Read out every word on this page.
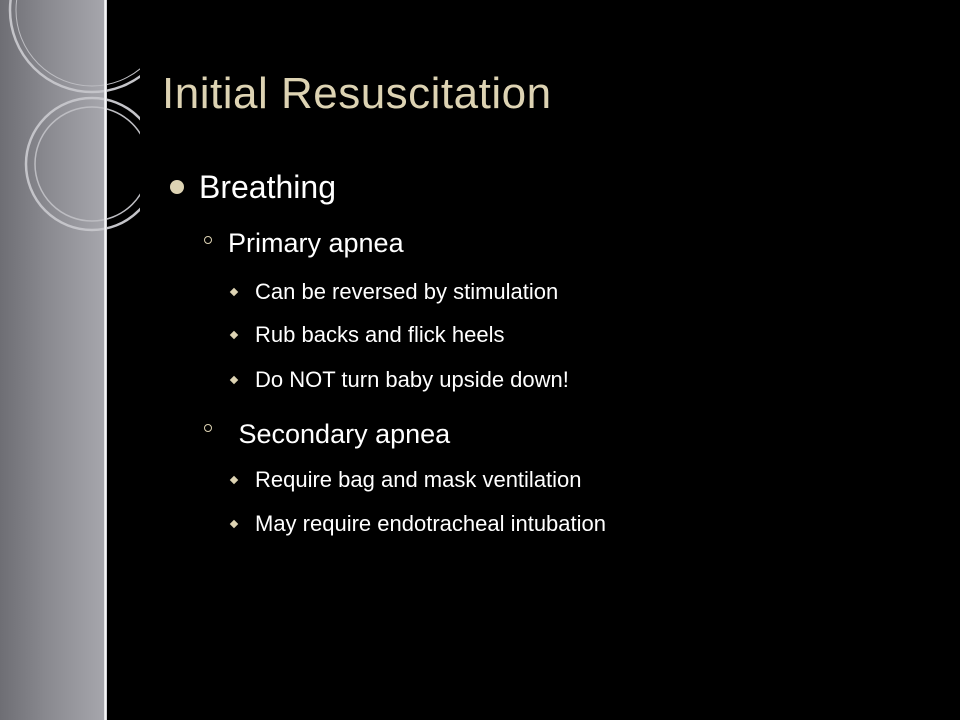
Initial Resuscitation
Breathing
Primary apnea
Can be reversed by stimulation
Rub backs and flick heels
Do NOT turn baby upside down!
Secondary apnea
Require bag and mask ventilation
May require endotracheal intubation
